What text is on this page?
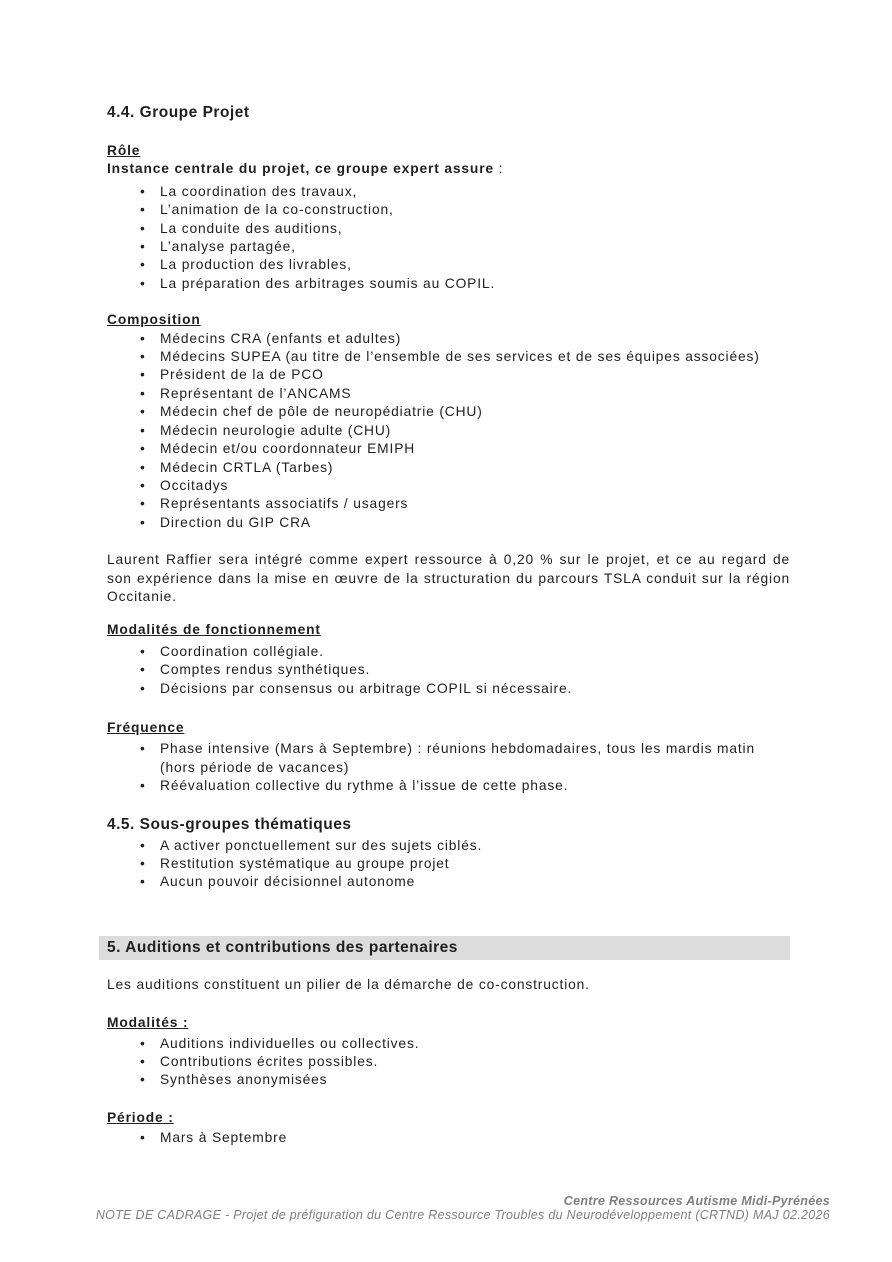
4.4. Groupe Projet

Rôle

Instance centrale du projet, ce groupe expert assure :

• La coordination des travaux,
• L’animation de la co-construction,
• La conduite des auditions,
• L’analyse partagée,
• La production des livrables,
• La préparation des arbitrages soumis au COPIL.

Composition

• Médecins CRA (enfants et adultes)
• Médecins SUPEA (au titre de l’ensemble de ses services et de ses équipes associées)
• Président de la de PCO
• Représentant de l’ANCAMS
• Médecin chef de pôle de neuropédiatrie (CHU)
• Médecin neurologie adulte (CHU)
• Médecin et/ou coordonnateur EMIPH
• Médecin CRTLA (Tarbes)
• Occitadys
• Représentants associatifs / usagers
• Direction du GIP CRA

Laurent Raffier sera intégré comme expert ressource à 0,20 % sur le projet, et ce au regard de son expérience dans la mise en œuvre de la structuration du parcours TSLA conduit sur la région Occitanie.

Modalités de fonctionnement

• Coordination collégiale.
• Comptes rendus synthétiques.
• Décisions par consensus ou arbitrage COPIL si nécessaire.

Fréquence

• Phase intensive (Mars à Septembre) : réunions hebdomadaires, tous les mardis matin (hors période de vacances)
• Réévaluation collective du rythme à l’issue de cette phase.
4.5. Sous-groupes thématiques
• A activer ponctuellement sur des sujets ciblés.
• Restitution systématique au groupe projet
• Aucun pouvoir décisionnel autonome
5. Auditions et contributions des partenaires

Les auditions constituent un pilier de la démarche de co-construction.

Modalités :

• Auditions individuelles ou collectives.
• Contributions écrites possibles.
• Synthèses anonymisées

Période :

• Mars à Septembre
Centre Ressources Autisme Midi-Pyrénées
NOTE DE CADRAGE - Projet de préfiguration du Centre Ressource Troubles du Neurodéveloppement (CRTND) MAJ 02.2026
